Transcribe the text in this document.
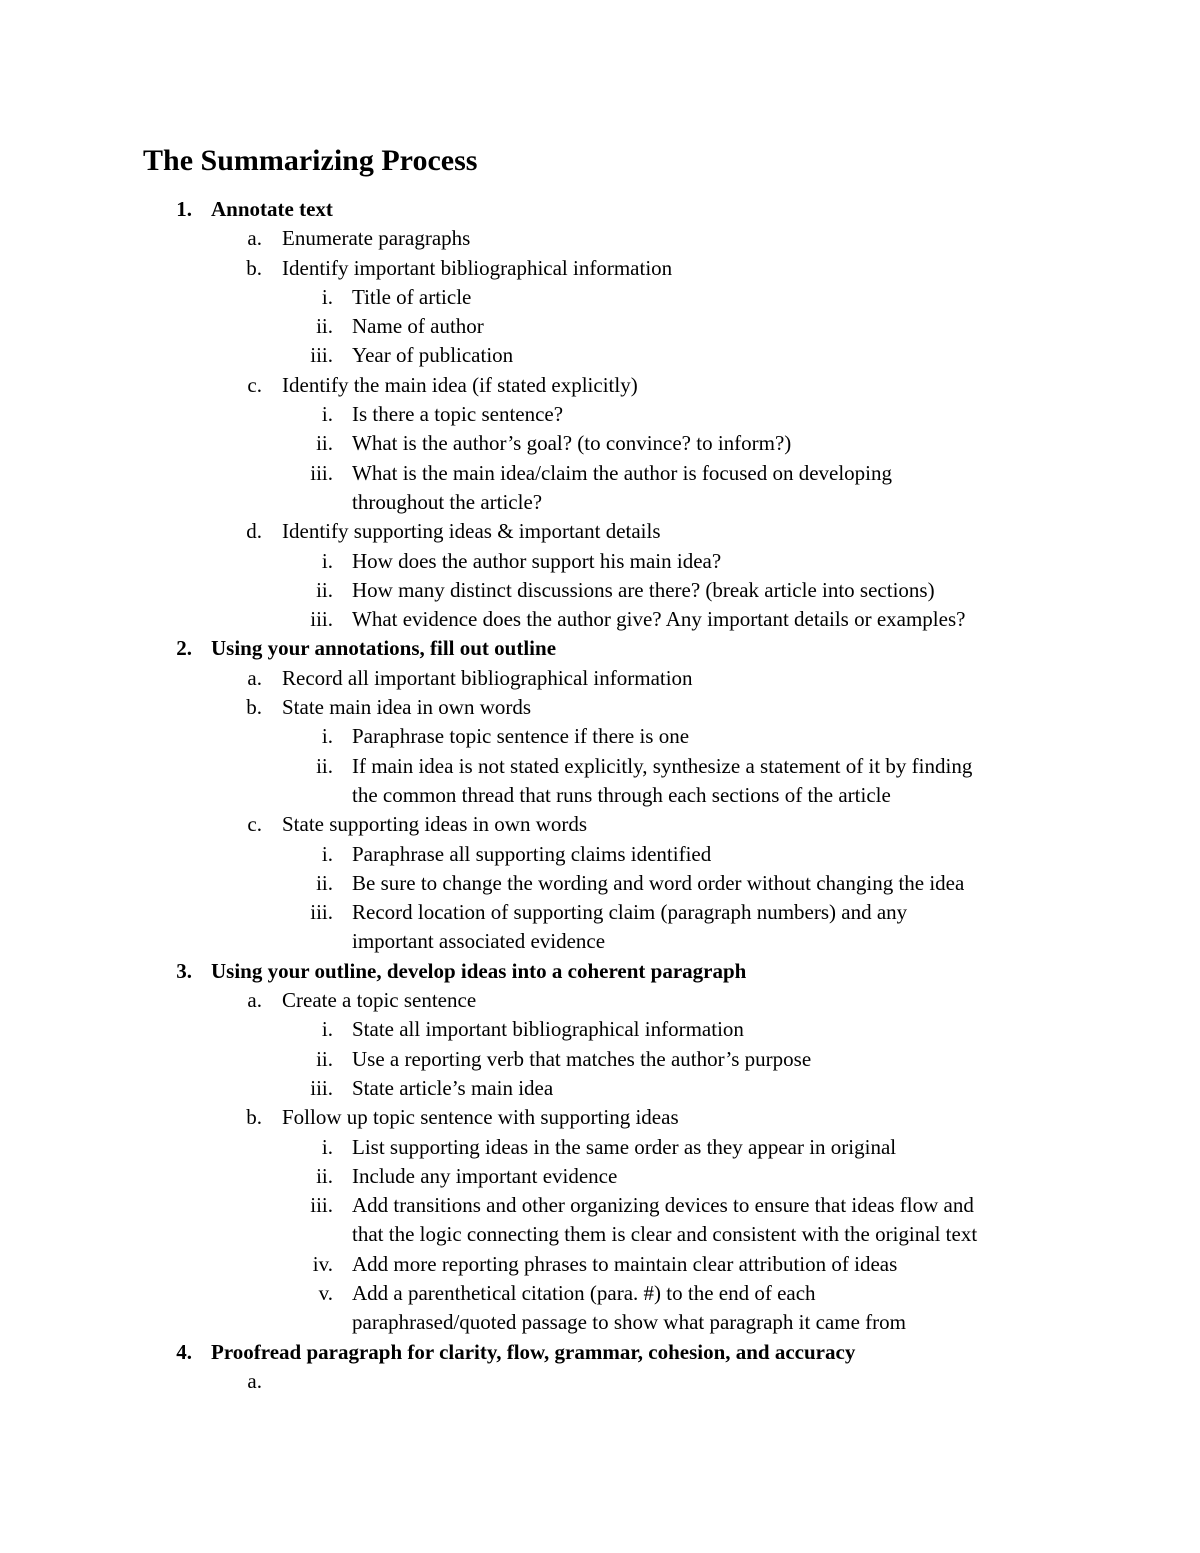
The Summarizing Process
1. Annotate text
a. Enumerate paragraphs
b. Identify important bibliographical information
i. Title of article
ii. Name of author
iii. Year of publication
c. Identify the main idea (if stated explicitly)
i. Is there a topic sentence?
ii. What is the author’s goal? (to convince? to inform?)
iii. What is the main idea/claim the author is focused on developing
throughout the article?
d. Identify supporting ideas & important details
i. How does the author support his main idea?
ii. How many distinct discussions are there? (break article into sections)
iii. What evidence does the author give? Any important details or examples?
2. Using your annotations, fill out outline
a. Record all important bibliographical information
b. State main idea in own words
i. Paraphrase topic sentence if there is one
ii. If main idea is not stated explicitly, synthesize a statement of it by finding
the common thread that runs through each sections of the article
c. State supporting ideas in own words
i. Paraphrase all supporting claims identified
ii. Be sure to change the wording and word order without changing the idea
iii. Record location of supporting claim (paragraph numbers) and any
important associated evidence
3. Using your outline, develop ideas into a coherent paragraph
a. Create a topic sentence
i. State all important bibliographical information
ii. Use a reporting verb that matches the author’s purpose
iii. State article’s main idea
b. Follow up topic sentence with supporting ideas
i. List supporting ideas in the same order as they appear in original
ii. Include any important evidence
iii. Add transitions and other organizing devices to ensure that ideas flow and
that the logic connecting them is clear and consistent with the original text
iv. Add more reporting phrases to maintain clear attribution of ideas
v. Add a parenthetical citation (para. #) to the end of each
paraphrased/quoted passage to show what paragraph it came from
4. Proofread paragraph for clarity, flow, grammar, cohesion, and accuracy
a.
